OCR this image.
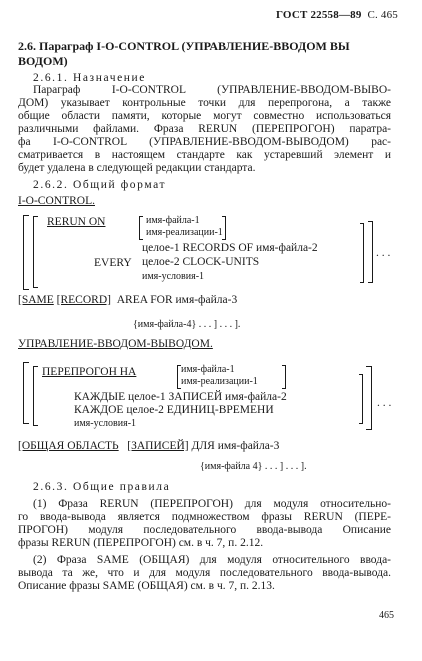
ГОСТ 22558—89 С. 465
2.6. Параграф I-O-CONTROL (УПРАВЛЕНИЕ-ВВОДОМ ВЫ
ВОДОМ)
2.6.1. Назначение
Параграф I-O-CONTROL (УПРАВЛЕНИЕ-ВВОДОМ-ВЫВО-
ДОМ) указывает контрольные точки для перепрогона, а также
общие области памяти, которые могут совместно использоваться
различными файлами. Фраза RERUN (ПЕРЕПРОГОН) паратра-
фа I-O-CONTROL (УПРАВЛЕНИЕ-ВВОДОМ-ВЫВОДОМ) рас-
сматривается в настоящем стандарте как устаревший элемент и
будет удалена в следующей редакции стандарта.
2.6.2. Общий формат
I-O-CONTROL.
RERUN ON	имя-файла-1
имя-реализации-1
EVERY
целое-1 RECORDS OF имя-файла-2
целое-2 CLOCK-UNITS
имя-условия-1
. . .
[SAME [RECORD] AREA FOR имя-файла-3
{имя-файла-4} . . . ] . . . ].
УПРАВЛЕНИЕ-ВВОДОМ-ВЫВОДОМ.
ПЕРЕПРОГОН НА	имя-файла-1
имя-реализации-1
КАЖДЫЕ целое-1 ЗАПИСЕЙ имя-файла-2
КАЖДОЕ целое-2 ЕДИНИЦ-ВРЕМЕНИ
имя-условия-1
. . .
[ОБЩАЯ ОБЛАСТЬ [ЗАПИСЕЙ] ДЛЯ имя-файла-3
{имя-файла 4} . . . ] . . . ].
2.6.3. Общие правила
(1) Фраза RERUN (ПЕРЕПРОГОН) для модуля относительно-
го ввода-вывода является подмножеством фразы RERUN (ПЕРЕ-
ПРОГОН) модуля последовательного ввода-вывода Описание
фразы RERUN (ПЕРЕПРОГОН) см. в ч. 7, п. 2.12.
(2) Фраза SAME (ОБЩАЯ) для модуля относительного ввода-
вывода та же, что и для модуля последовательного ввода-вывода.
Описание фразы SAME (ОБЩАЯ) см. в ч. 7, п. 2.13.
465
